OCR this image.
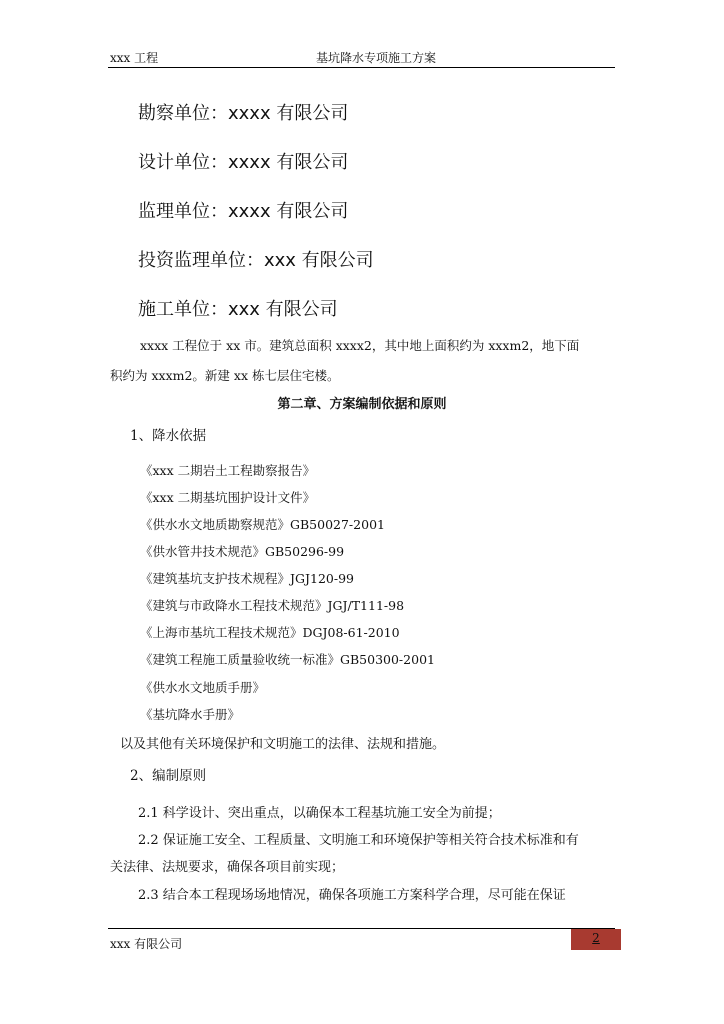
xxx 工程	基坑降水专项施工方案
勘察单位：xxxx 有限公司
设计单位：xxxx 有限公司
监理单位：xxxx 有限公司
投资监理单位：xxx 有限公司
施工单位：xxx 有限公司
xxxx 工程位于 xx 市。建筑总面积 xxxx2，其中地上面积约为 xxxm2，地下面
积约为 xxxm2。新建 xx 栋七层住宅楼。
第二章、方案编制依据和原则
1、降水依据
《xxx 二期岩土工程勘察报告》
《xxx 二期基坑围护设计文件》
《供水水文地质勘察规范》GB50027-2001
《供水管井技术规范》GB50296-99
《建筑基坑支护技术规程》JGJ120-99
《建筑与市政降水工程技术规范》JGJ/T111-98
《上海市基坑工程技术规范》DGJ08-61-2010
《建筑工程施工质量验收统一标准》GB50300-2001
《供水水文地质手册》
《基坑降水手册》
以及其他有关环境保护和文明施工的法律、法规和措施。
2、编制原则
2.1 科学设计、突出重点，以确保本工程基坑施工安全为前提；
2.2 保证施工安全、工程质量、文明施工和环境保护等相关符合技术标准和有
关法律、法规要求，确保各项目前实现；
2.3 结合本工程现场场地情况，确保各项施工方案科学合理，尽可能在保证
xxx 有限公司	2
